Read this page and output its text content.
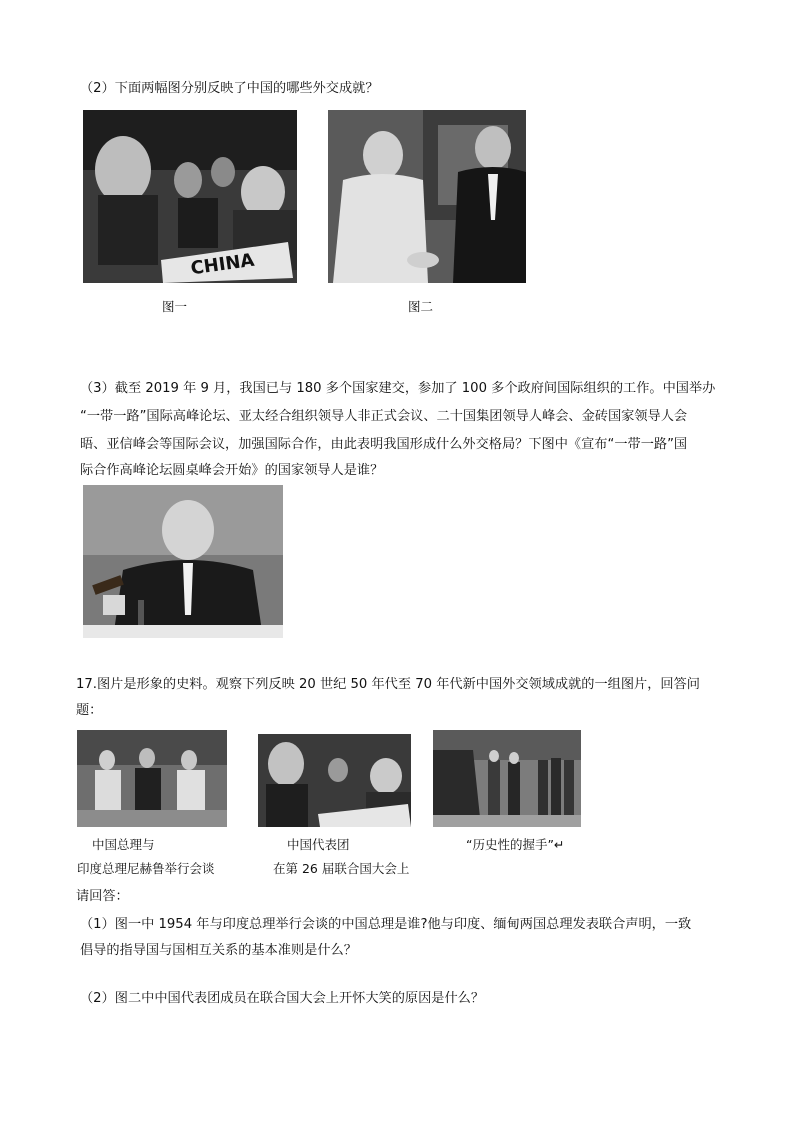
（2）下面两幅图分别反映了中国的哪些外交成就？
CHINA
图一	图二
（3）截至 2019 年 9 月，我国已与 180 多个国家建交，参加了 100 多个政府间国际组织的工作。中国举办
“一带一路”国际高峰论坛、亚太经合组织领导人非正式会议、二十国集团领导人峰会、金砖国家领导人会
晤、亚信峰会等国际会议，加强国际合作，由此表明我国形成什么外交格局？下图中《宣布“一带一路”国
际合作高峰论坛圆桌峰会开始》的国家领导人是谁？
17.图片是形象的史料。观察下列反映 20 世纪 50 年代至 70 年代新中国外交领域成就的一组图片，回答问
题：
中国总理与
印度总理尼赫鲁举行会谈
中国代表团
在第 26 届联合国大会上
“历史性的握手”↵
请回答：
（1）图一中 1954 年与印度总理举行会谈的中国总理是谁?他与印度、缅甸两国总理发表联合声明，一致
倡导的指导国与国相互关系的基本准则是什么？
（2）图二中中国代表团成员在联合国大会上开怀大笑的原因是什么？
